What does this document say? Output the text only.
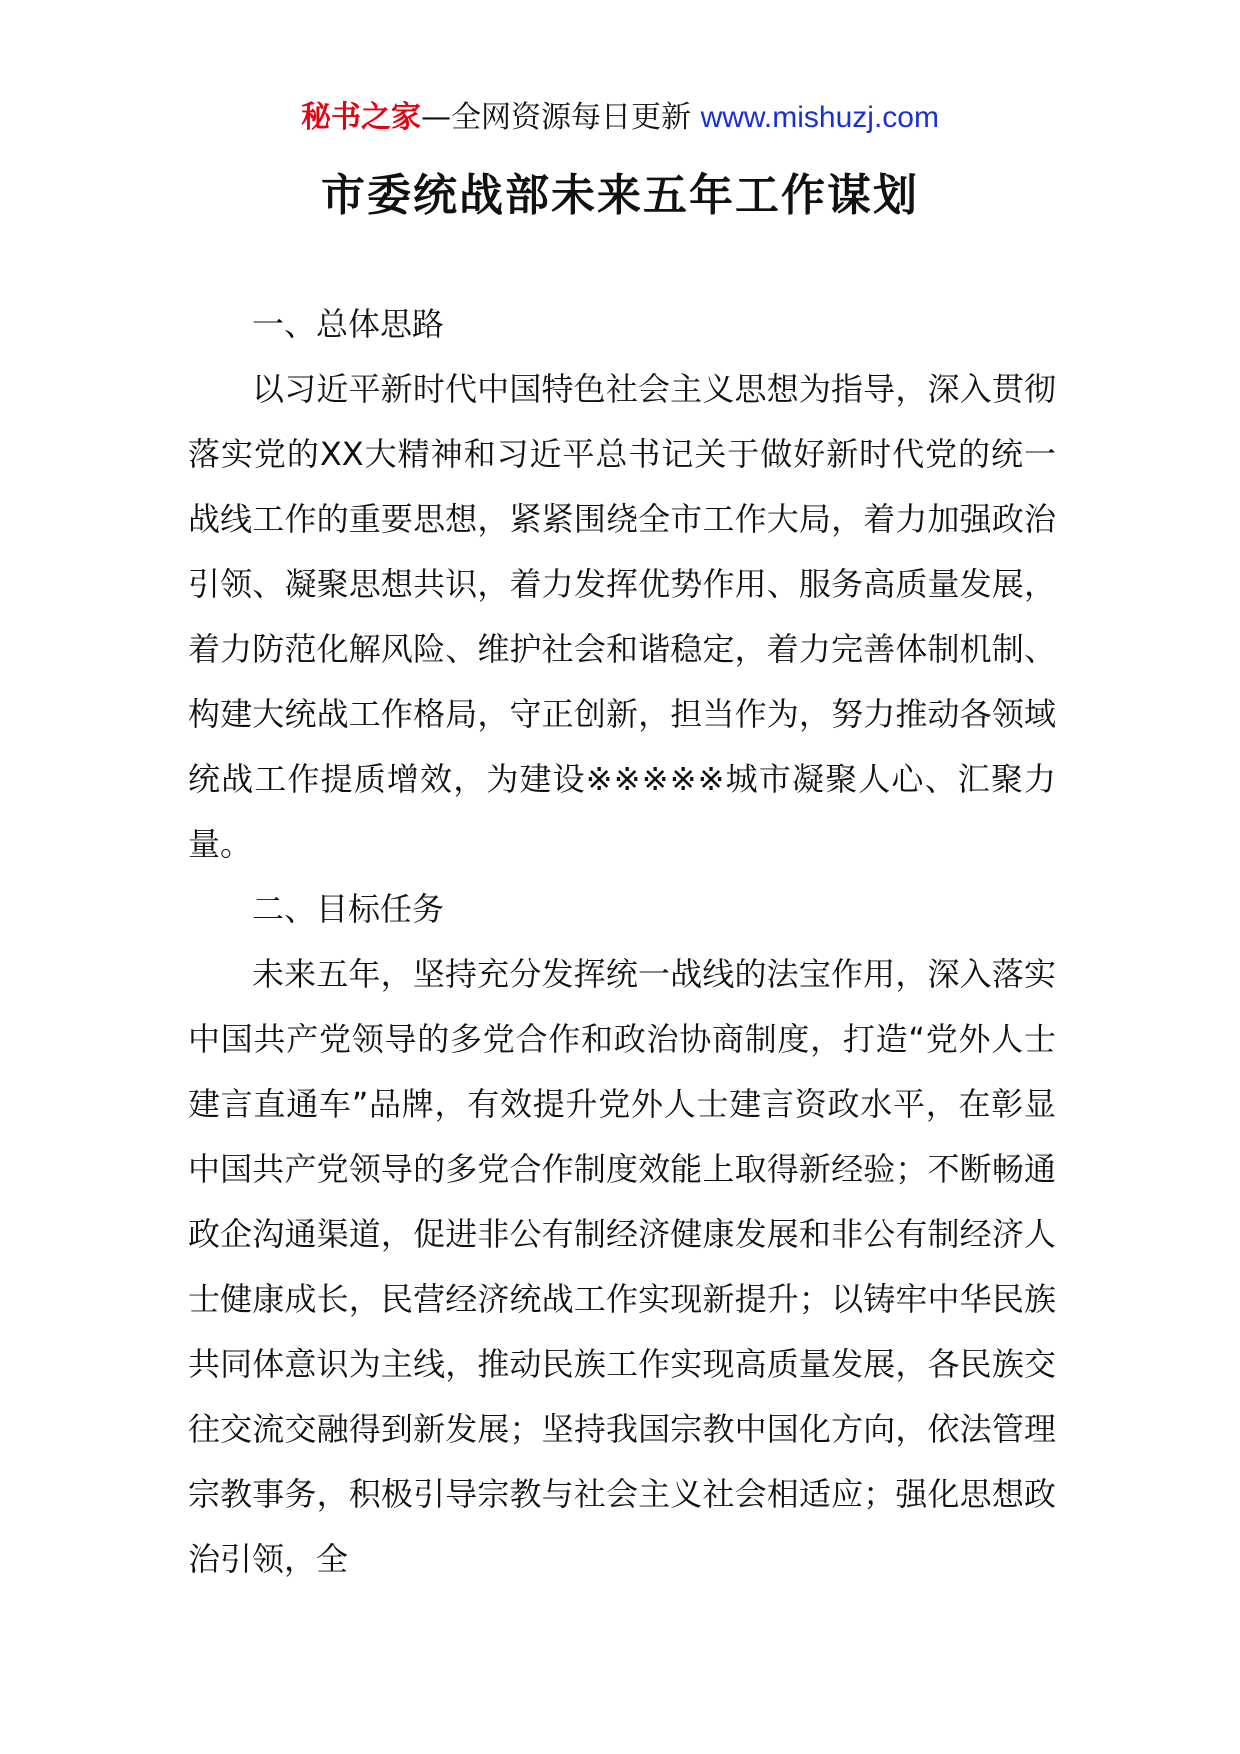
秘书之家—全网资源每日更新 www.mishuzj.com
市委统战部未来五年工作谋划

一、总体思路

以习近平新时代中国特色社会主义思想为指导，深入贯彻落实党的XX大精神和习近平总书记关于做好新时代党的统一战线工作的重要思想，紧紧围绕全市工作大局，着力加强政治引领、凝聚思想共识，着力发挥优势作用、服务高质量发展，着力防范化解风险、维护社会和谐稳定，着力完善体制机制、构建大统战工作格局，守正创新，担当作为，努力推动各领域统战工作提质增效，为建设※※※※※城市凝聚人心、汇聚力量。

二、目标任务

未来五年，坚持充分发挥统一战线的法宝作用，深入落实中国共产党领导的多党合作和政治协商制度，打造“党外人士建言直通车”品牌，有效提升党外人士建言资政水平，在彰显中国共产党领导的多党合作制度效能上取得新经验；不断畅通政企沟通渠道，促进非公有制经济健康发展和非公有制经济人士健康成长，民营经济统战工作实现新提升；以铸牢中华民族共同体意识为主线，推动民族工作实现高质量发展，各民族交往交流交融得到新发展；坚持我国宗教中国化方向，依法管理宗教事务，积极引导宗教与社会主义社会相适应；强化思想政治引领，全
